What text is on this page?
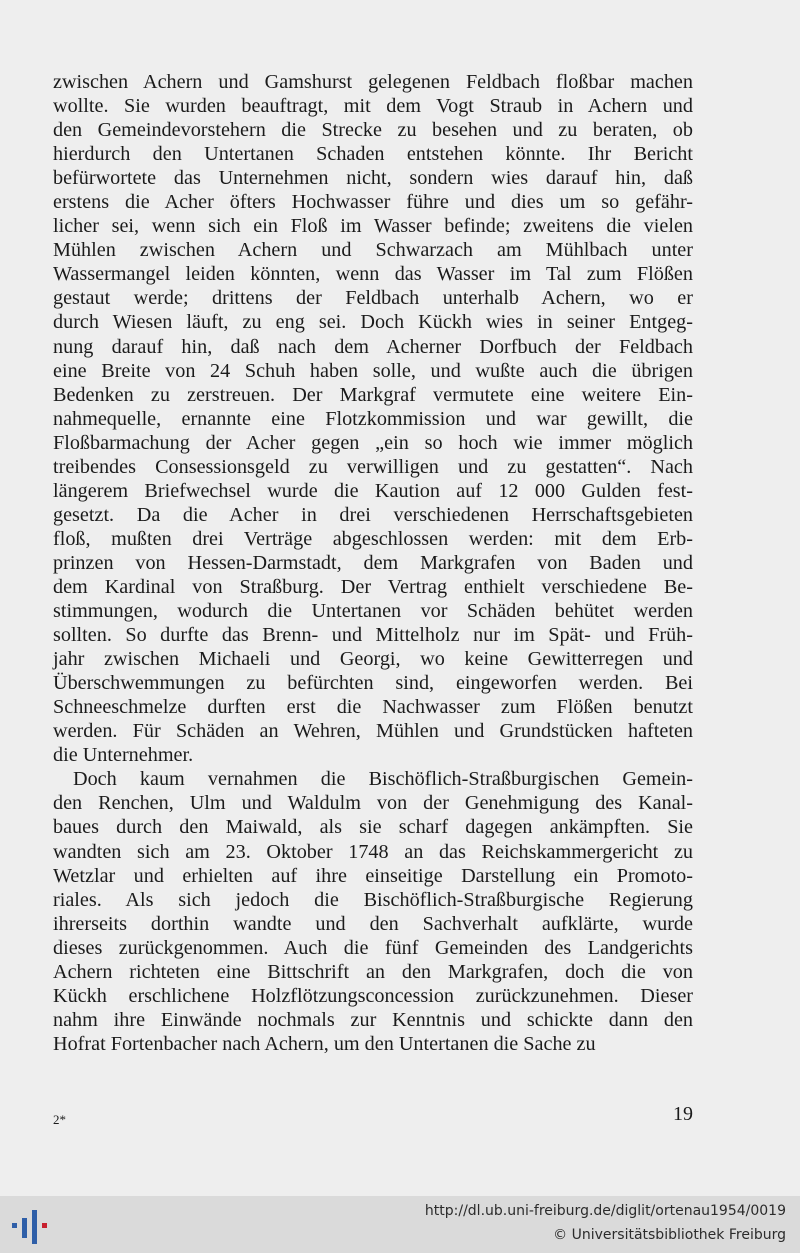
zwischen Achern und Gamshurst gelegenen Feldbach floßbar machen
wollte. Sie wurden beauftragt, mit dem Vogt Straub in Achern und
den Gemeindevorstehern die Strecke zu besehen und zu beraten, ob
hierdurch den Untertanen Schaden entstehen könnte. Ihr Bericht
befürwortete das Unternehmen nicht, sondern wies darauf hin, daß
erstens die Acher öfters Hochwasser führe und dies um so gefähr-
licher sei, wenn sich ein Floß im Wasser befinde; zweitens die vielen
Mühlen zwischen Achern und Schwarzach am Mühlbach unter
Wassermangel leiden könnten, wenn das Wasser im Tal zum Flößen
gestaut werde; drittens der Feldbach unterhalb Achern, wo er
durch Wiesen läuft, zu eng sei. Doch Kückh wies in seiner Entgeg-
nung darauf hin, daß nach dem Acherner Dorfbuch der Feldbach
eine Breite von 24 Schuh haben solle, und wußte auch die übrigen
Bedenken zu zerstreuen. Der Markgraf vermutete eine weitere Ein-
nahmequelle, ernannte eine Flotzkommission und war gewillt, die
Floßbarmachung der Acher gegen „ein so hoch wie immer möglich
treibendes Consessionsgeld zu verwilligen und zu gestatten“. Nach
längerem Briefwechsel wurde die Kaution auf 12 000 Gulden fest-
gesetzt. Da die Acher in drei verschiedenen Herrschaftsgebieten
floß, mußten drei Verträge abgeschlossen werden: mit dem Erb-
prinzen von Hessen-Darmstadt, dem Markgrafen von Baden und
dem Kardinal von Straßburg. Der Vertrag enthielt verschiedene Be-
stimmungen, wodurch die Untertanen vor Schäden behütet werden
sollten. So durfte das Brenn- und Mittelholz nur im Spät- und Früh-
jahr zwischen Michaeli und Georgi, wo keine Gewitterregen und
Überschwemmungen zu befürchten sind, eingeworfen werden. Bei
Schneeschmelze durften erst die Nachwasser zum Flößen benutzt
werden. Für Schäden an Wehren, Mühlen und Grundstücken hafteten
die Unternehmer.
Doch kaum vernahmen die Bischöflich-Straßburgischen Gemein-
den Renchen, Ulm und Waldulm von der Genehmigung des Kanal-
baues durch den Maiwald, als sie scharf dagegen ankämpften. Sie
wandten sich am 23. Oktober 1748 an das Reichskammergericht zu
Wetzlar und erhielten auf ihre einseitige Darstellung ein Promoto-
riales. Als sich jedoch die Bischöflich-Straßburgische Regierung
ihrerseits dorthin wandte und den Sachverhalt aufklärte, wurde
dieses zurückgenommen. Auch die fünf Gemeinden des Landgerichts
Achern richteten eine Bittschrift an den Markgrafen, doch die von
Kückh erschlichene Holzflötzungsconcession zurückzunehmen. Dieser
nahm ihre Einwände nochmals zur Kenntnis und schickte dann den
Hofrat Fortenbacher nach Achern, um den Untertanen die Sache zu
2*	19
http://dl.ub.uni-freiburg.de/diglit/ortenau1954/0019
© Universitätsbibliothek Freiburg
